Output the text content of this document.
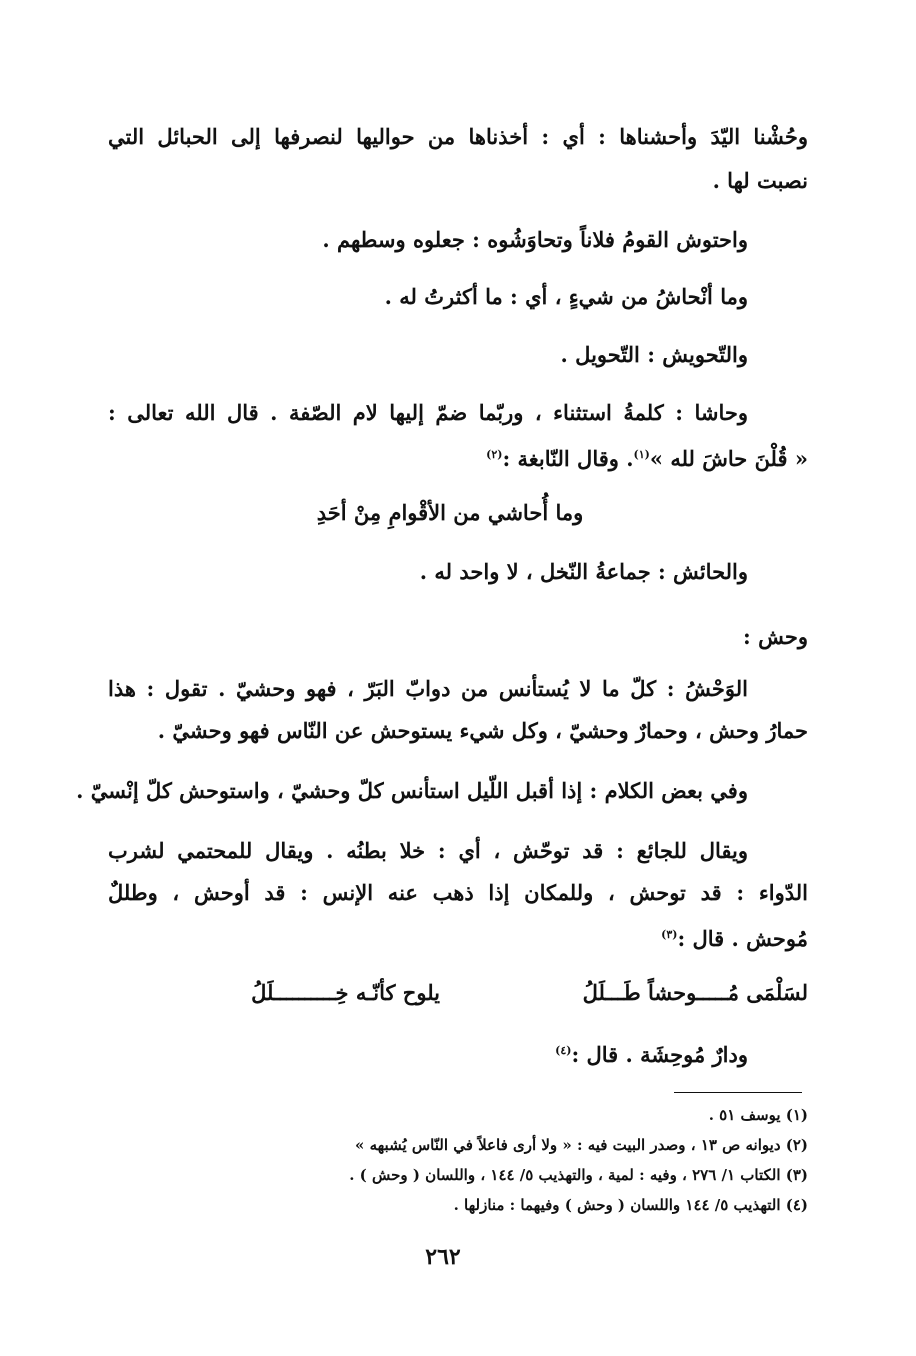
وحُشْنا اليّدَ وأحشناها : أي : أخذناها من حواليها لنصرفها إلى الحبائل التي
نصبت لها .
واحتوش القومُ فلاناً وتحاوَشُوه : جعلوه وسطهم .
وما أنْحاشُ من شيءٍ ، أي : ما أكثرتُ له .
والتّحويش : التّحويل .
وحاشا : كلمةُ استثناء ، وربّما ضمّ إليها لام الصّفة . قال الله تعالى :
« قُلْنَ حاشَ لله »$^{(١)}$. وقال النّابغة :$^{(٢)}$
وما أُحاشي من الأقْوامِ مِنْ أحَدِ
والحائش : جماعةُ النّخل ، لا واحد له .
وحش :
الوَحْشُ : كلّ ما لا يُستأنس من دوابّ البَرّ ، فهو وحشيّ . تقول : هذا
حمارُ وحش ، وحمارٌ وحشيّ ، وكل شيء يستوحش عن النّاس فهو وحشيّ .
وفي بعض الكلام : إذا أقبل اللّيل استأنس كلّ وحشيّ ، واستوحش كلّ إنْسيّ .
ويقال للجائع : قد توحّش ، أي : خلا بطنُه . ويقال للمحتمي لشرب
الدّواء : قد توحش ، وللمكان إذا ذهب عنه الإنس : قد أوحش ، وطللٌ
مُوحش . قال :$^{(٣)}$
لسَلْمَى مُـــــوحشاً طَـــلَلُ
يلوح كأنّـه خِــــــــــلَلُ
ودارٌ مُوحِشَة . قال :$^{(٤)}$
(١) يوسف ٥١ .
(٢) ديوانه ص ١٣ ، وصدر البيت فيه : « ولا أرى فاعلاً في النّاس يُشبهه »
(٣) الكتاب ١/ ٢٧٦ ، وفيه : لمية ، والتهذيب ٥/ ١٤٤ ، واللسان ( وحش ) .
(٤) التهذيب ٥/ ١٤٤ واللسان ( وحش ) وفيهما : منازلها .
٢٦٢
